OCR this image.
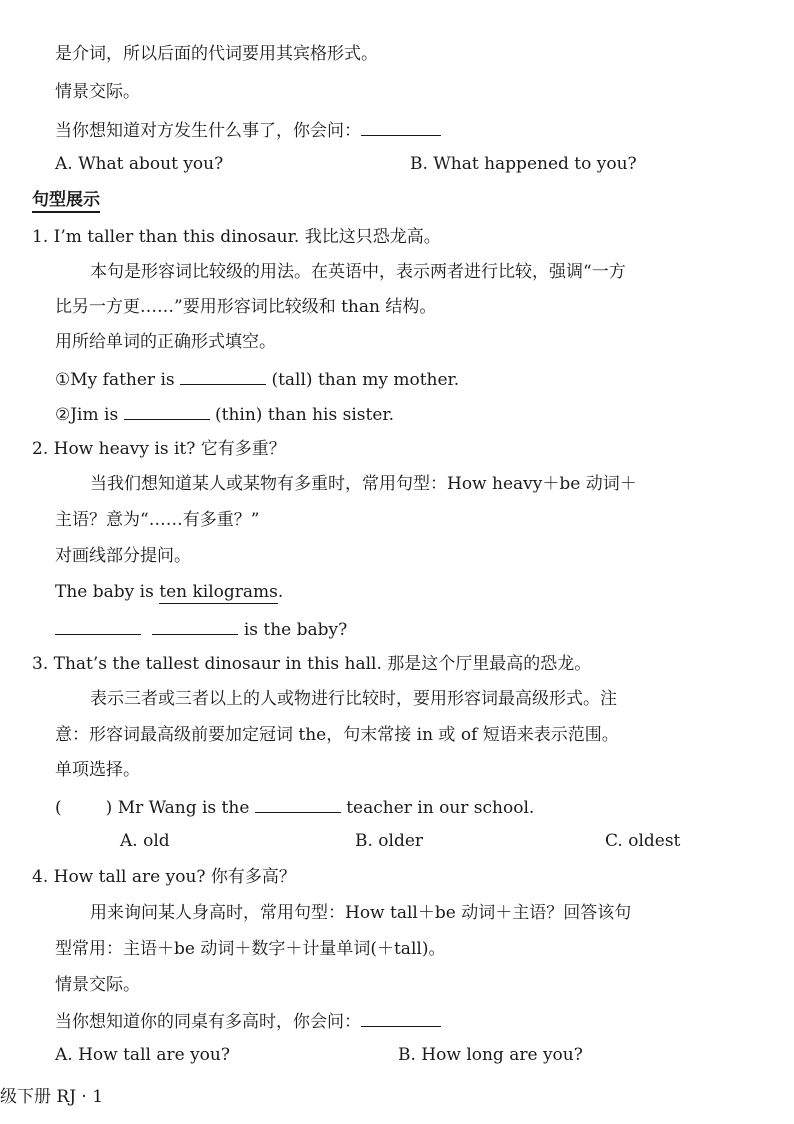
是介词，所以后面的代词要用其宾格形式。
情景交际。
当你想知道对方发生什么事了，你会问：
A. What about you?	B. What happened to you?
句型展示
1. I’m taller than this dinosaur. 我比这只恐龙高。
本句是形容词比较级的用法。在英语中，表示两者进行比较，强调“一方
比另一方更……”要用形容词比较级和 than 结构。
用所给单词的正确形式填空。
①My father is	(tall) than my mother.
②Jim is	(thin) than his sister.
2. How heavy is it? 它有多重？
当我们想知道某人或某物有多重时，常用句型：How heavy＋be 动词＋
主语？意为“……有多重？”
对画线部分提问。
The baby is ten kilograms.
is the baby?
3. That’s the tallest dinosaur in this hall. 那是这个厅里最高的恐龙。
表示三者或三者以上的人或物进行比较时，要用形容词最高级形式。注
意：形容词最高级前要加定冠词 the，句末常接 in 或 of 短语来表示范围。
单项选择。
(	) Mr Wang is the	teacher in our school.
A. old	B. older	C. oldest
4. How tall are you? 你有多高？
用来询问某人身高时，常用句型：How tall＋be 动词＋主语？回答该句
型常用：主语＋be 动词＋数字＋计量单词(＋tall)。
情景交际。
当你想知道你的同桌有多高时，你会问：
A. How tall are you?	B. How long are you?
级下册 RJ · 1
